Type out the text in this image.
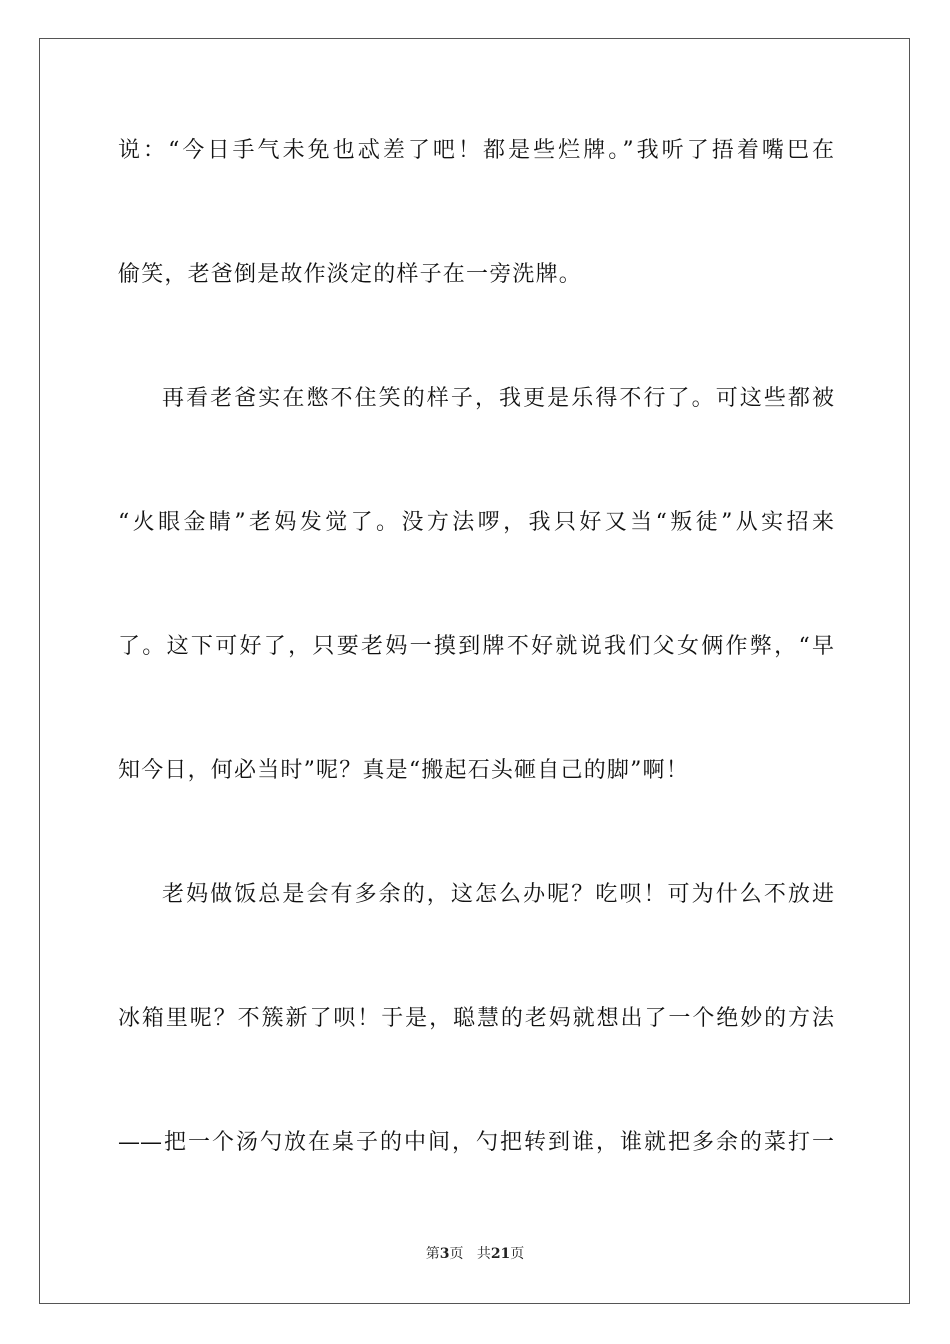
说：“今日手气未免也忒差了吧！都是些烂牌。”我听了捂着嘴巴在
偷笑，老爸倒是故作淡定的样子在一旁洗牌。
再看老爸实在憋不住笑的样子，我更是乐得不行了。可这些都被
“火眼金睛”老妈发觉了。没方法啰，我只好又当“叛徒”从实招来
了。这下可好了，只要老妈一摸到牌不好就说我们父女俩作弊，“早
知今日，何必当时”呢？真是“搬起石头砸自己的脚”啊！
老妈做饭总是会有多余的，这怎么办呢？吃呗！可为什么不放进
冰箱里呢？不簇新了呗！于是，聪慧的老妈就想出了一个绝妙的方法
——把一个汤勺放在桌子的中间，勺把转到谁，谁就把多余的菜打一
第3页 共21页
